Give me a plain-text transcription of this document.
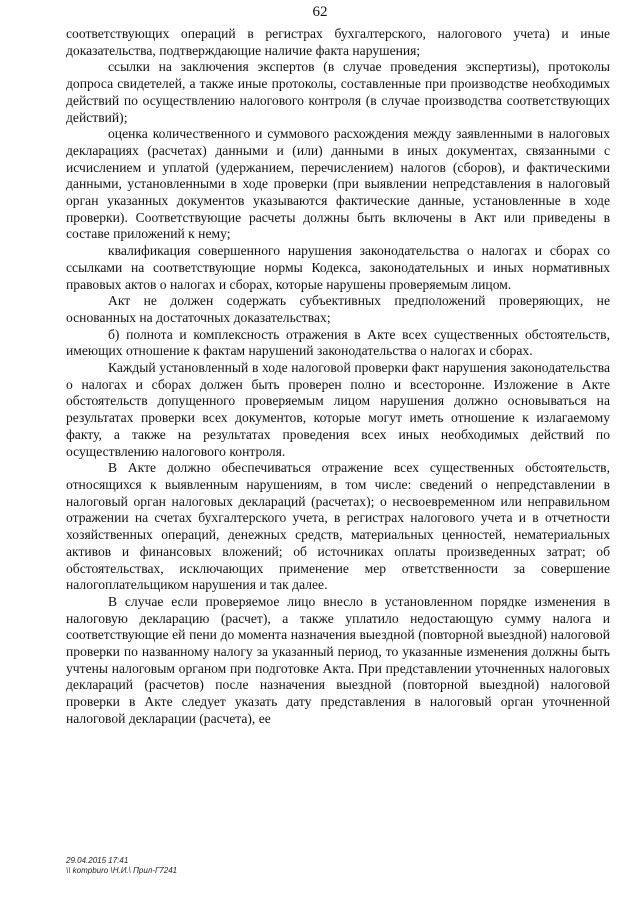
62

соответствующих операций в регистрах бухгалтерского, налогового учета) и иные доказательства, подтверждающие наличие факта нарушения;

ссылки на заключения экспертов (в случае проведения экспертизы), протоколы допроса свидетелей, а также иные протоколы, составленные при производстве необходимых действий по осуществлению налогового контроля (в случае производства соответствующих действий);

оценка количественного и суммового расхождения между заявленными в налоговых декларациях (расчетах) данными и (или) данными в иных документах, связанными с исчислением и уплатой (удержанием, перечислением) налогов (сборов), и фактическими данными, установленными в ходе проверки (при выявлении непредставления в налоговый орган указанных документов указываются фактические данные, установленные в ходе проверки). Соответствующие расчеты должны быть включены в Акт или приведены в составе приложений к нему;

квалификация совершенного нарушения законодательства о налогах и сборах со ссылками на соответствующие нормы Кодекса, законодательных и иных нормативных правовых актов о налогах и сборах, которые нарушены проверяемым лицом.

Акт не должен содержать субъективных предположений проверяющих, не основанных на достаточных доказательствах;

б) полнота и комплексность отражения в Акте всех существенных обстоятельств, имеющих отношение к фактам нарушений законодательства о налогах и сборах.

Каждый установленный в ходе налоговой проверки факт нарушения законодательства о налогах и сборах должен быть проверен полно и всесторонне. Изложение в Акте обстоятельств допущенного проверяемым лицом нарушения должно основываться на результатах проверки всех документов, которые могут иметь отношение к излагаемому факту, а также на результатах проведения всех иных необходимых действий по осуществлению налогового контроля.

В Акте должно обеспечиваться отражение всех существенных обстоятельств, относящихся к выявленным нарушениям, в том числе: сведений о непредставлении в налоговый орган налоговых деклараций (расчетах); о несвоевременном или неправильном отражении на счетах бухгалтерского учета, в регистрах налогового учета и в отчетности хозяйственных операций, денежных средств, материальных ценностей, нематериальных активов и финансовых вложений; об источниках оплаты произведенных затрат; об обстоятельствах, исключающих применение мер ответственности за совершение налогоплательщиком нарушения и так далее.

В случае если проверяемое лицо внесло в установленном порядке изменения в налоговую декларацию (расчет), а также уплатило недостающую сумму налога и соответствующие ей пени до момента назначения выездной (повторной выездной) налоговой проверки по названному налогу за указанный период, то указанные изменения должны быть учтены налоговым органом при подготовке Акта. При представлении уточненных налоговых деклараций (расчетов) после назначения выездной (повторной выездной) налоговой проверки в Акте следует указать дату представления в налоговый орган уточненной налоговой декларации (расчета), ее

29.04.2015 17:41
\\ kompburo \Н.И.\ Прил-Г7241
